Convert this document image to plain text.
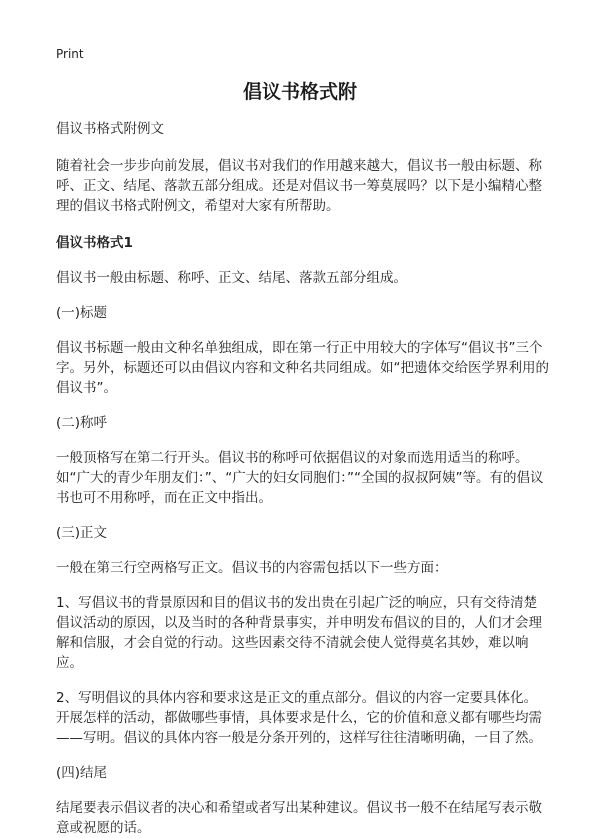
Print
倡议书格式附

倡议书格式附例文

随着社会一步步向前发展，倡议书对我们的作用越来越大，倡议书一般由标题、称呼、正文、结尾、落款五部分组成。还是对倡议书一筹莫展吗？以下是小编精心整理的倡议书格式附例文，希望对大家有所帮助。

倡议书格式1

倡议书一般由标题、称呼、正文、结尾、落款五部分组成。

(一)标题

倡议书标题一般由文种名单独组成，即在第一行正中用较大的字体写“倡议书”三个字。另外，标题还可以由倡议内容和文种名共同组成。如“把遗体交给医学界利用的倡议书”。

(二)称呼

一般顶格写在第二行开头。倡议书的称呼可依据倡议的对象而选用适当的称呼。如“广大的青少年朋友们：”、“广大的妇女同胞们：”“全国的叔叔阿姨”等。有的倡议书也可不用称呼，而在正文中指出。

(三)正文

一般在第三行空两格写正文。倡议书的内容需包括以下一些方面：

1、写倡议书的背景原因和目的倡议书的发出贵在引起广泛的响应，只有交待清楚倡议活动的原因，以及当时的各种背景事实，并申明发布倡议的目的，人们才会理解和信服，才会自觉的行动。这些因素交待不清就会使人觉得莫名其妙，难以响应。

2、写明倡议的具体内容和要求这是正文的重点部分。倡议的内容一定要具体化。开展怎样的活动，都做哪些事情，具体要求是什么，它的价值和意义都有哪些均需——写明。倡议的具体内容一般是分条开列的，这样写往往清晰明确，一目了然。

(四)结尾

结尾要表示倡议者的决心和希望或者写出某种建议。倡议书一般不在结尾写表示敬意或祝愿的话。
